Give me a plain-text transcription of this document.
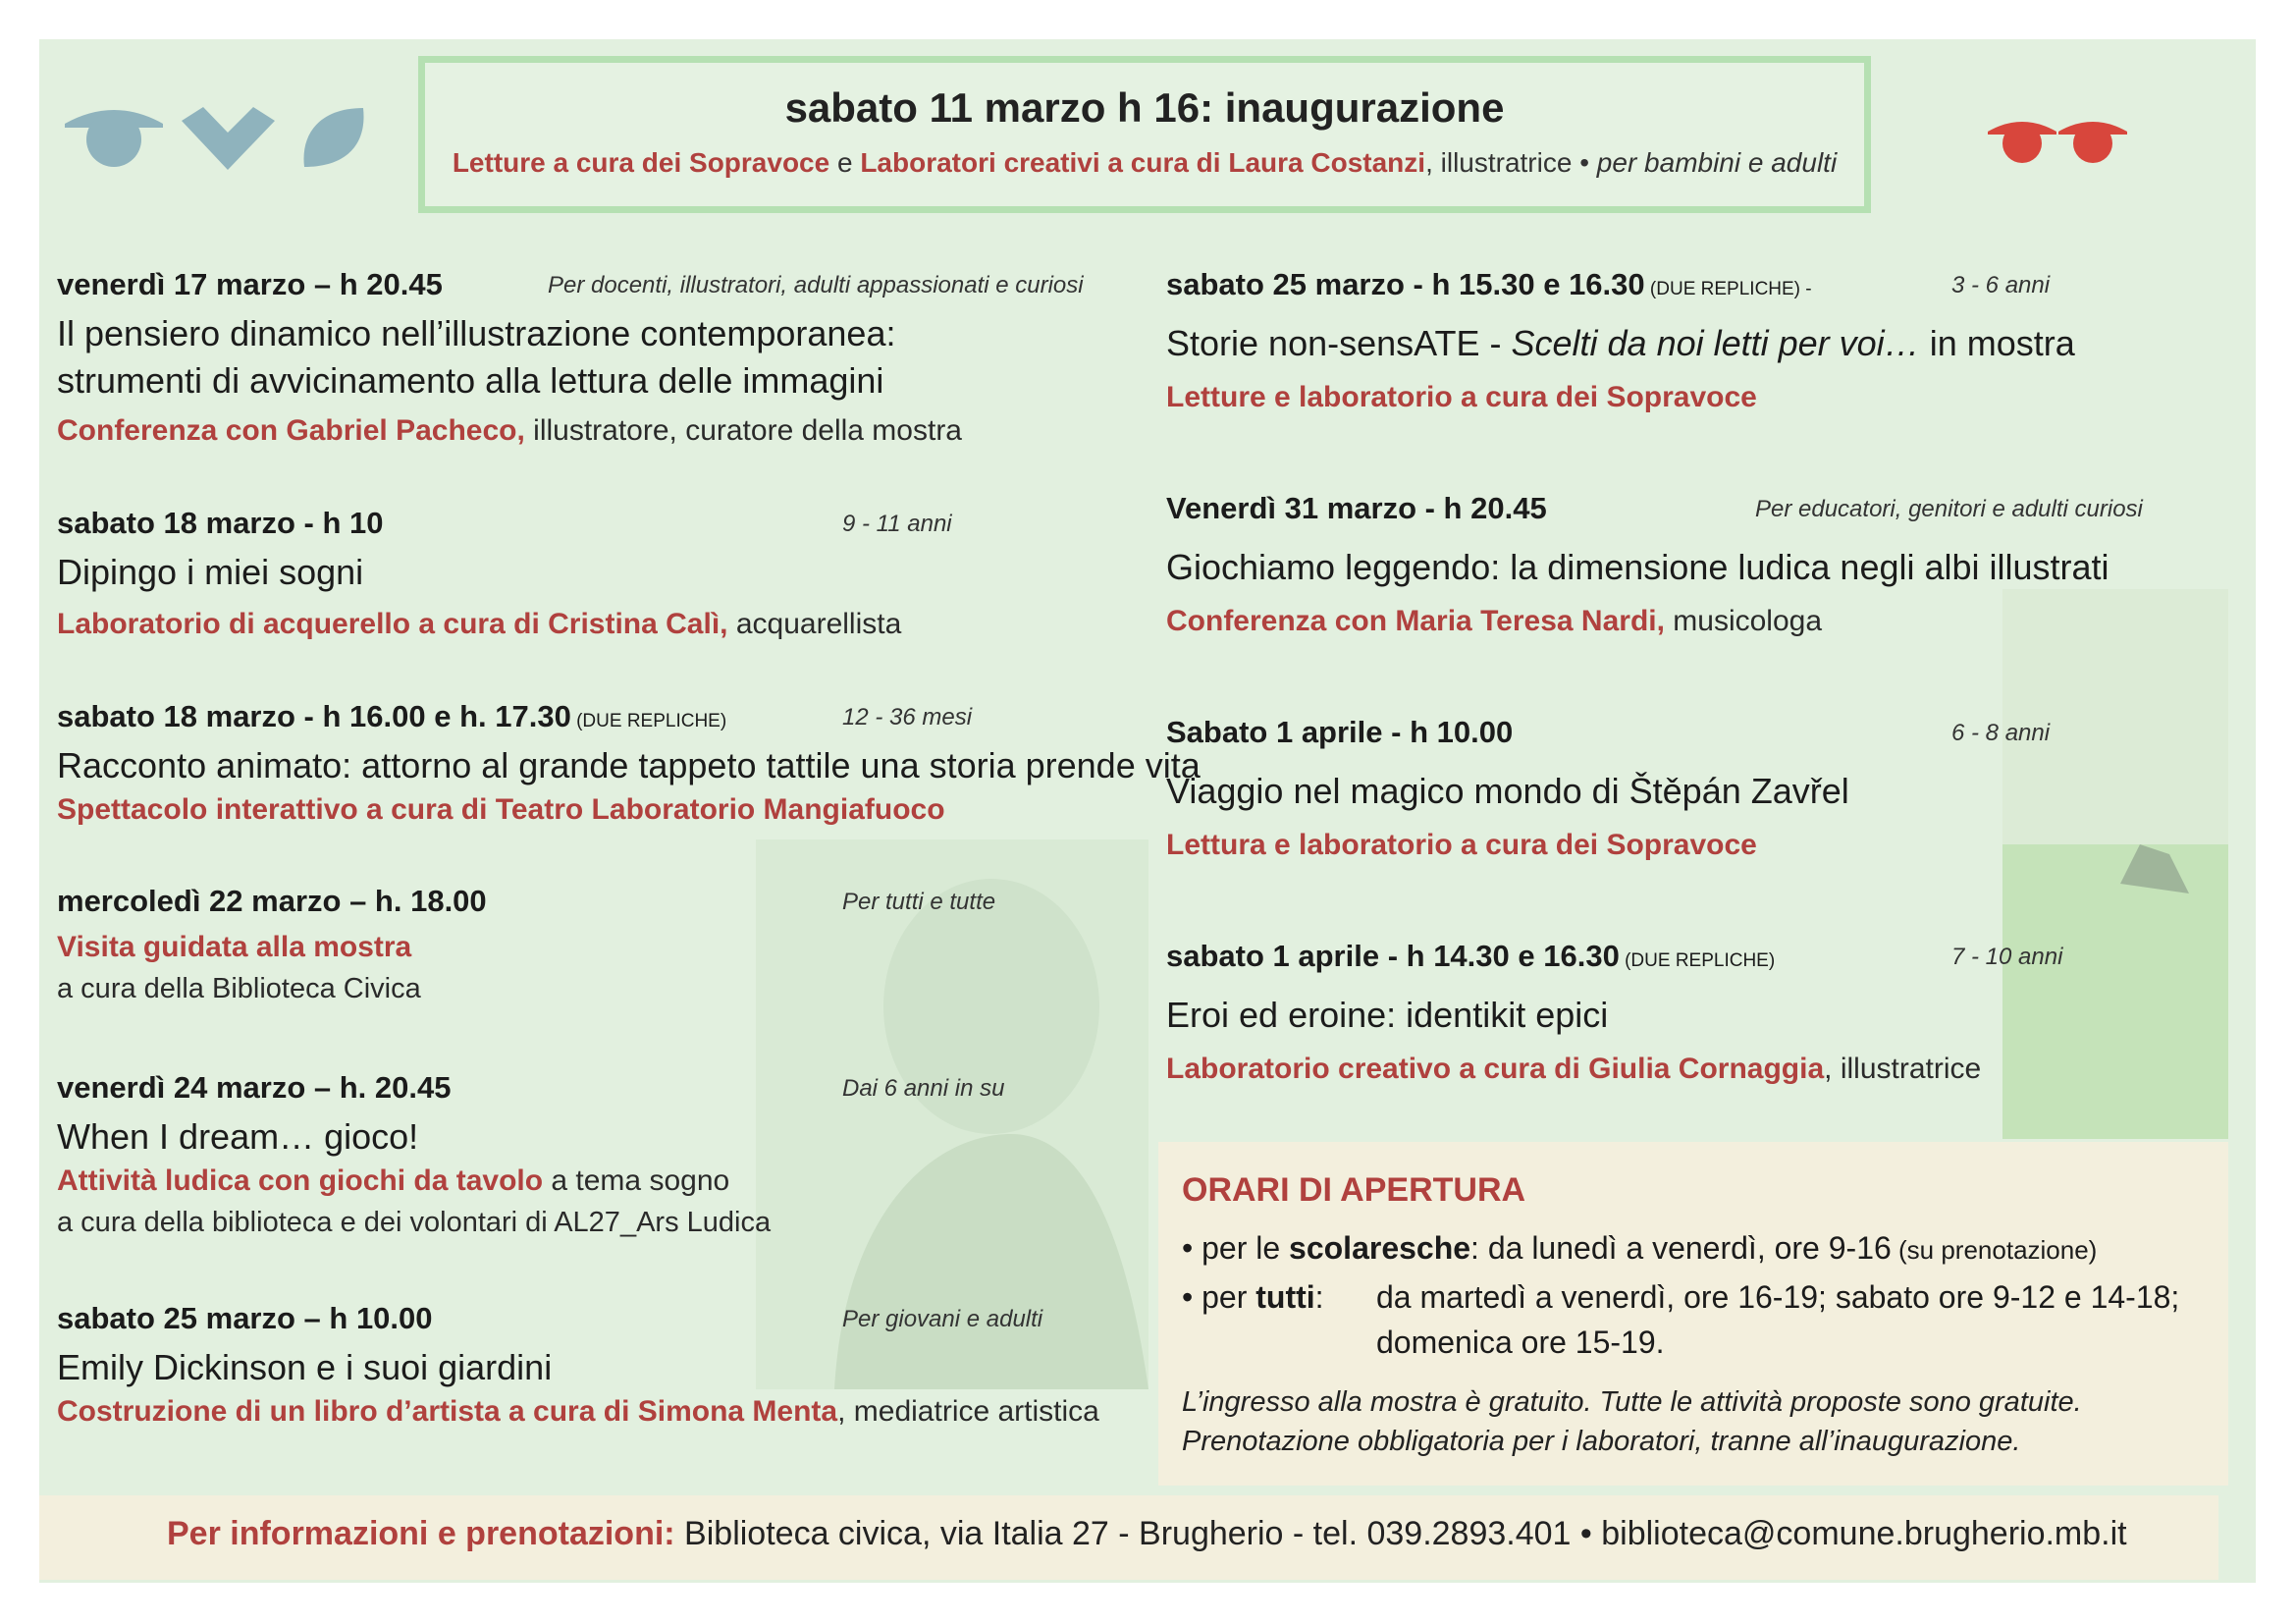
sabato 11 marzo h 16: inaugurazione
Letture a cura dei Sopravoce e Laboratori creativi a cura di Laura Costanzi, illustratrice • per bambini e adulti
venerdì 17 marzo – h 20.45	Per docenti, illustratori, adulti appassionati e curiosi
Il pensiero dinamico nell’illustrazione contemporanea:
strumenti di avvicinamento alla lettura delle immagini
Conferenza con Gabriel Pacheco, illustratore, curatore della mostra
sabato 18 marzo - h 10	9 - 11 anni
Dipingo i miei sogni
Laboratorio di acquerello a cura di Cristina Calì, acquarellista
sabato 18 marzo - h 16.00 e h. 17.30 (DUE REPLICHE)	12 - 36 mesi
Racconto animato: attorno al grande tappeto tattile una storia prende vita
Spettacolo interattivo a cura di Teatro Laboratorio Mangiafuoco
mercoledì 22 marzo – h. 18.00	Per tutti e tutte
Visita guidata alla mostra
a cura della Biblioteca Civica
venerdì 24 marzo – h. 20.45	Dai 6 anni in su
When I dream… gioco!
Attività ludica con giochi da tavolo a tema sogno
a cura della biblioteca e dei volontari di AL27_Ars Ludica
sabato 25 marzo – h 10.00	Per giovani e adulti
Emily Dickinson e i suoi giardini
Costruzione di un libro d’artista a cura di Simona Menta, mediatrice artistica
sabato 25 marzo - h 15.30 e 16.30 (DUE REPLICHE) -	3 - 6 anni
Storie non-sensATE - Scelti da noi letti per voi… in mostra
Letture e laboratorio a cura dei Sopravoce
Venerdì 31 marzo - h 20.45	Per educatori, genitori e adulti curiosi
Giochiamo leggendo: la dimensione ludica negli albi illustrati
Conferenza con Maria Teresa Nardi, musicologa
Sabato 1 aprile - h 10.00	6 - 8 anni
Viaggio nel magico mondo di Štěpán Zavřel
Lettura e laboratorio a cura dei Sopravoce
sabato 1 aprile - h 14.30 e 16.30 (DUE REPLICHE)	7 - 10 anni
Eroi ed eroine: identikit epici
Laboratorio creativo a cura di Giulia Cornaggia, illustratrice
ORARI DI APERTURA
• per le scolaresche: da lunedì a venerdì, ore 9-16 (su prenotazione)
• per tutti: da martedì a venerdì, ore 16-19; sabato ore 9-12 e 14-18;
domenica ore 15-19.
L’ingresso alla mostra è gratuito. Tutte le attività proposte sono gratuite.
Prenotazione obbligatoria per i laboratori, tranne all’inaugurazione.
Per informazioni e prenotazioni: Biblioteca civica, via Italia 27 - Brugherio - tel. 039.2893.401 • biblioteca@comune.brugherio.mb.it
